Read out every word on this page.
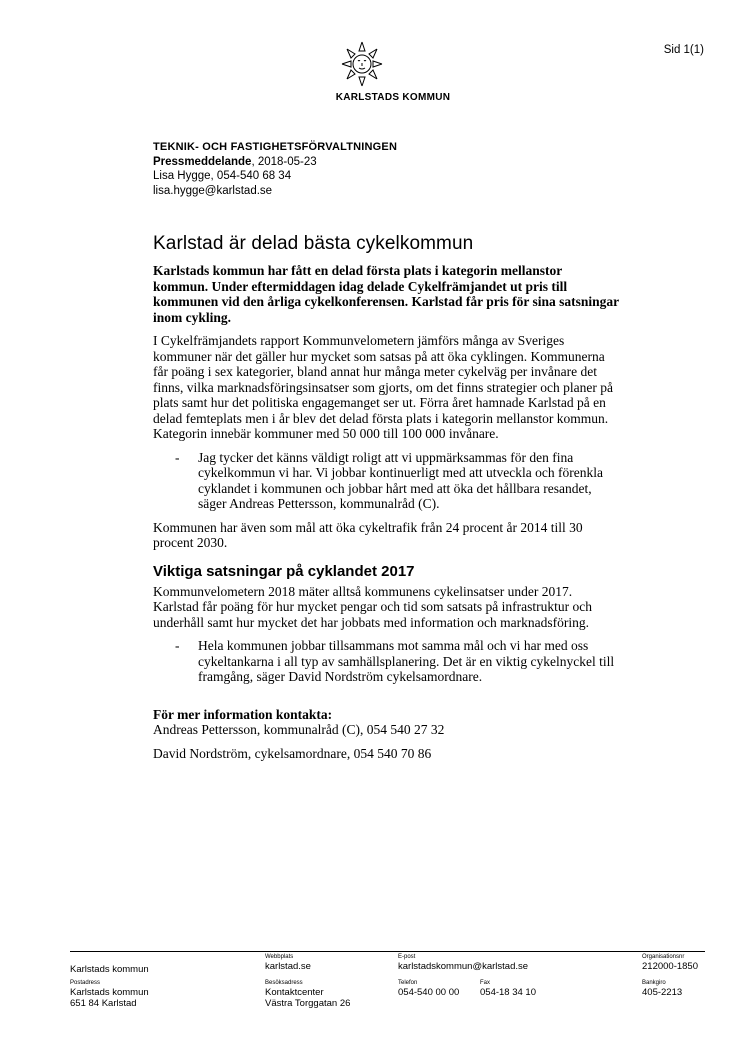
Sid 1(1)
KARLSTADS KOMMUN
TEKNIK- OCH FASTIGHETSFÖRVALTNINGEN
Pressmeddelande, 2018-05-23
Lisa Hygge, 054-540 68 34
lisa.hygge@karlstad.se
Karlstad är delad bästa cykelkommun

Karlstads kommun har fått en delad första plats i kategorin mellanstor kommun. Under eftermiddagen idag delade Cykelfrämjandet ut pris till kommunen vid den årliga cykelkonferensen. Karlstad får pris för sina satsningar inom cykling.

I Cykelfrämjandets rapport Kommunvelometern jämförs många av Sveriges kommuner när det gäller hur mycket som satsas på att öka cyklingen. Kommunerna får poäng i sex kategorier, bland annat hur många meter cykelväg per invånare det finns, vilka marknadsföringsinsatser som gjorts, om det finns strategier och planer på plats samt hur det politiska engagemanget ser ut. Förra året hamnade Karlstad på en delad femteplats men i år blev det delad första plats i kategorin mellanstor kommun. Kategorin innebär kommuner med 50 000 till 100 000 invånare.

- Jag tycker det känns väldigt roligt att vi uppmärksammas för den fina cykelkommun vi har. Vi jobbar kontinuerligt med att utveckla och förenkla cyklandet i kommunen och jobbar hårt med att öka det hållbara resandet, säger Andreas Pettersson, kommunalråd (C).

Kommunen har även som mål att öka cykeltrafik från 24 procent år 2014 till 30 procent 2030.

Viktiga satsningar på cyklandet 2017

Kommunvelometern 2018 mäter alltså kommunens cykelinsatser under 2017. Karlstad får poäng för hur mycket pengar och tid som satsats på infrastruktur och underhåll samt hur mycket det har jobbats med information och marknadsföring.

- Hela kommunen jobbar tillsammans mot samma mål och vi har med oss cykeltankarna i all typ av samhällsplanering. Det är en viktig cykelnyckel till framgång, säger David Nordström cykelsamordnare.

För mer information kontakta:

Andreas Pettersson, kommunalråd (C), 054 540 27 32

David Nordström, cykelsamordnare, 054 540 70 86

Karlstads kommun
Webbplats
karlstad.se
E-post
karlstadskommun@karlstad.se
Organisationsnr
212000-1850
Postadress
Karlstads kommun
651 84 Karlstad
Besöksadress
Kontaktcenter
Västra Torggatan 26
Telefon
054-540 00 00
Fax
054-18 34 10
Bankgiro
405-2213
